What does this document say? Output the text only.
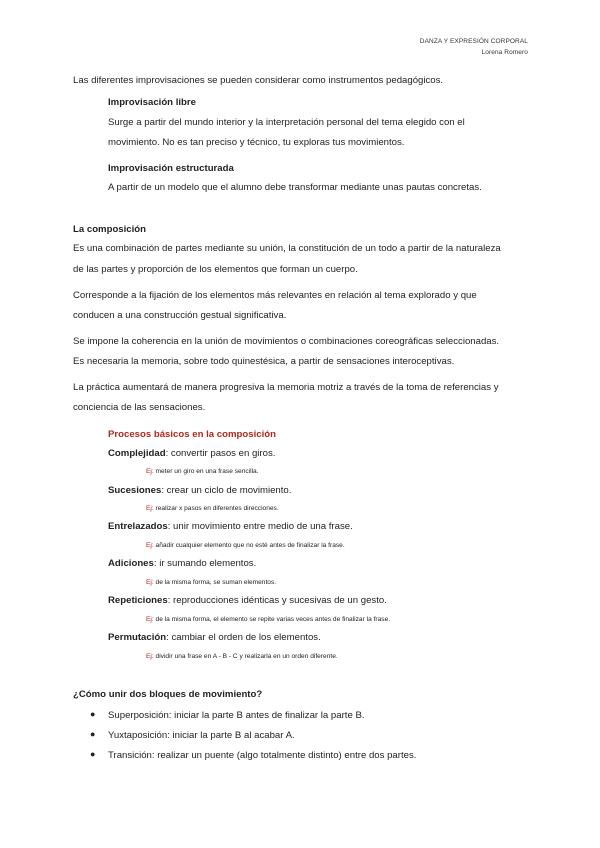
DANZA Y EXPRESIÓN CORPORAL
Lorena Romero
Las diferentes improvisaciones se pueden considerar como instrumentos pedagógicos.
Improvisación libre
Surge a partir del mundo interior y la interpretación personal del tema elegido con el
movimiento. No es tan preciso y técnico, tu exploras tus movimientos.
Improvisación estructurada
A partir de un modelo que el alumno debe transformar mediante unas pautas concretas.
La composición
Es una combinación de partes mediante su unión, la constitución de un todo a partir de la naturaleza
de las partes y proporción de los elementos que forman un cuerpo.
Corresponde a la fijación de los elementos más relevantes en relación al tema explorado y que
conducen a una construcción gestual significativa.
Se impone la coherencia en la unión de movimientos o combinaciones coreográficas seleccionadas.
Es necesaria la memoria, sobre todo quinestésica, a partir de sensaciones interoceptivas.
La práctica aumentará de manera progresiva la memoria motriz a través de la toma de referencias y
conciencia de las sensaciones.
Procesos básicos en la composición
Complejidad: convertir pasos en giros.
Ej: meter un giro en una frase sencilla.
Sucesiones: crear un ciclo de movimiento.
Ej: realizar x pasos en diferentes direcciones.
Entrelazados: unir movimiento entre medio de una frase.
Ej: añadir cualquier elemento que no esté antes de finalizar la frase.
Adiciones: ir sumando elementos.
Ej: de la misma forma, se suman elementos.
Repeticiones: reproducciones idénticas y sucesivas de un gesto.
Ej: de la misma forma, el elemento se repite varias veces antes de finalizar la frase.
Permutación: cambiar el orden de los elementos.
Ej: dividir una frase en A - B - C y realizarla en un orden diferente.
¿Cómo unir dos bloques de movimiento?
● Superposición: iniciar la parte B antes de finalizar la parte B.
● Yuxtaposición: iniciar la parte B al acabar A.
● Transición: realizar un puente (algo totalmente distinto) entre dos partes.
